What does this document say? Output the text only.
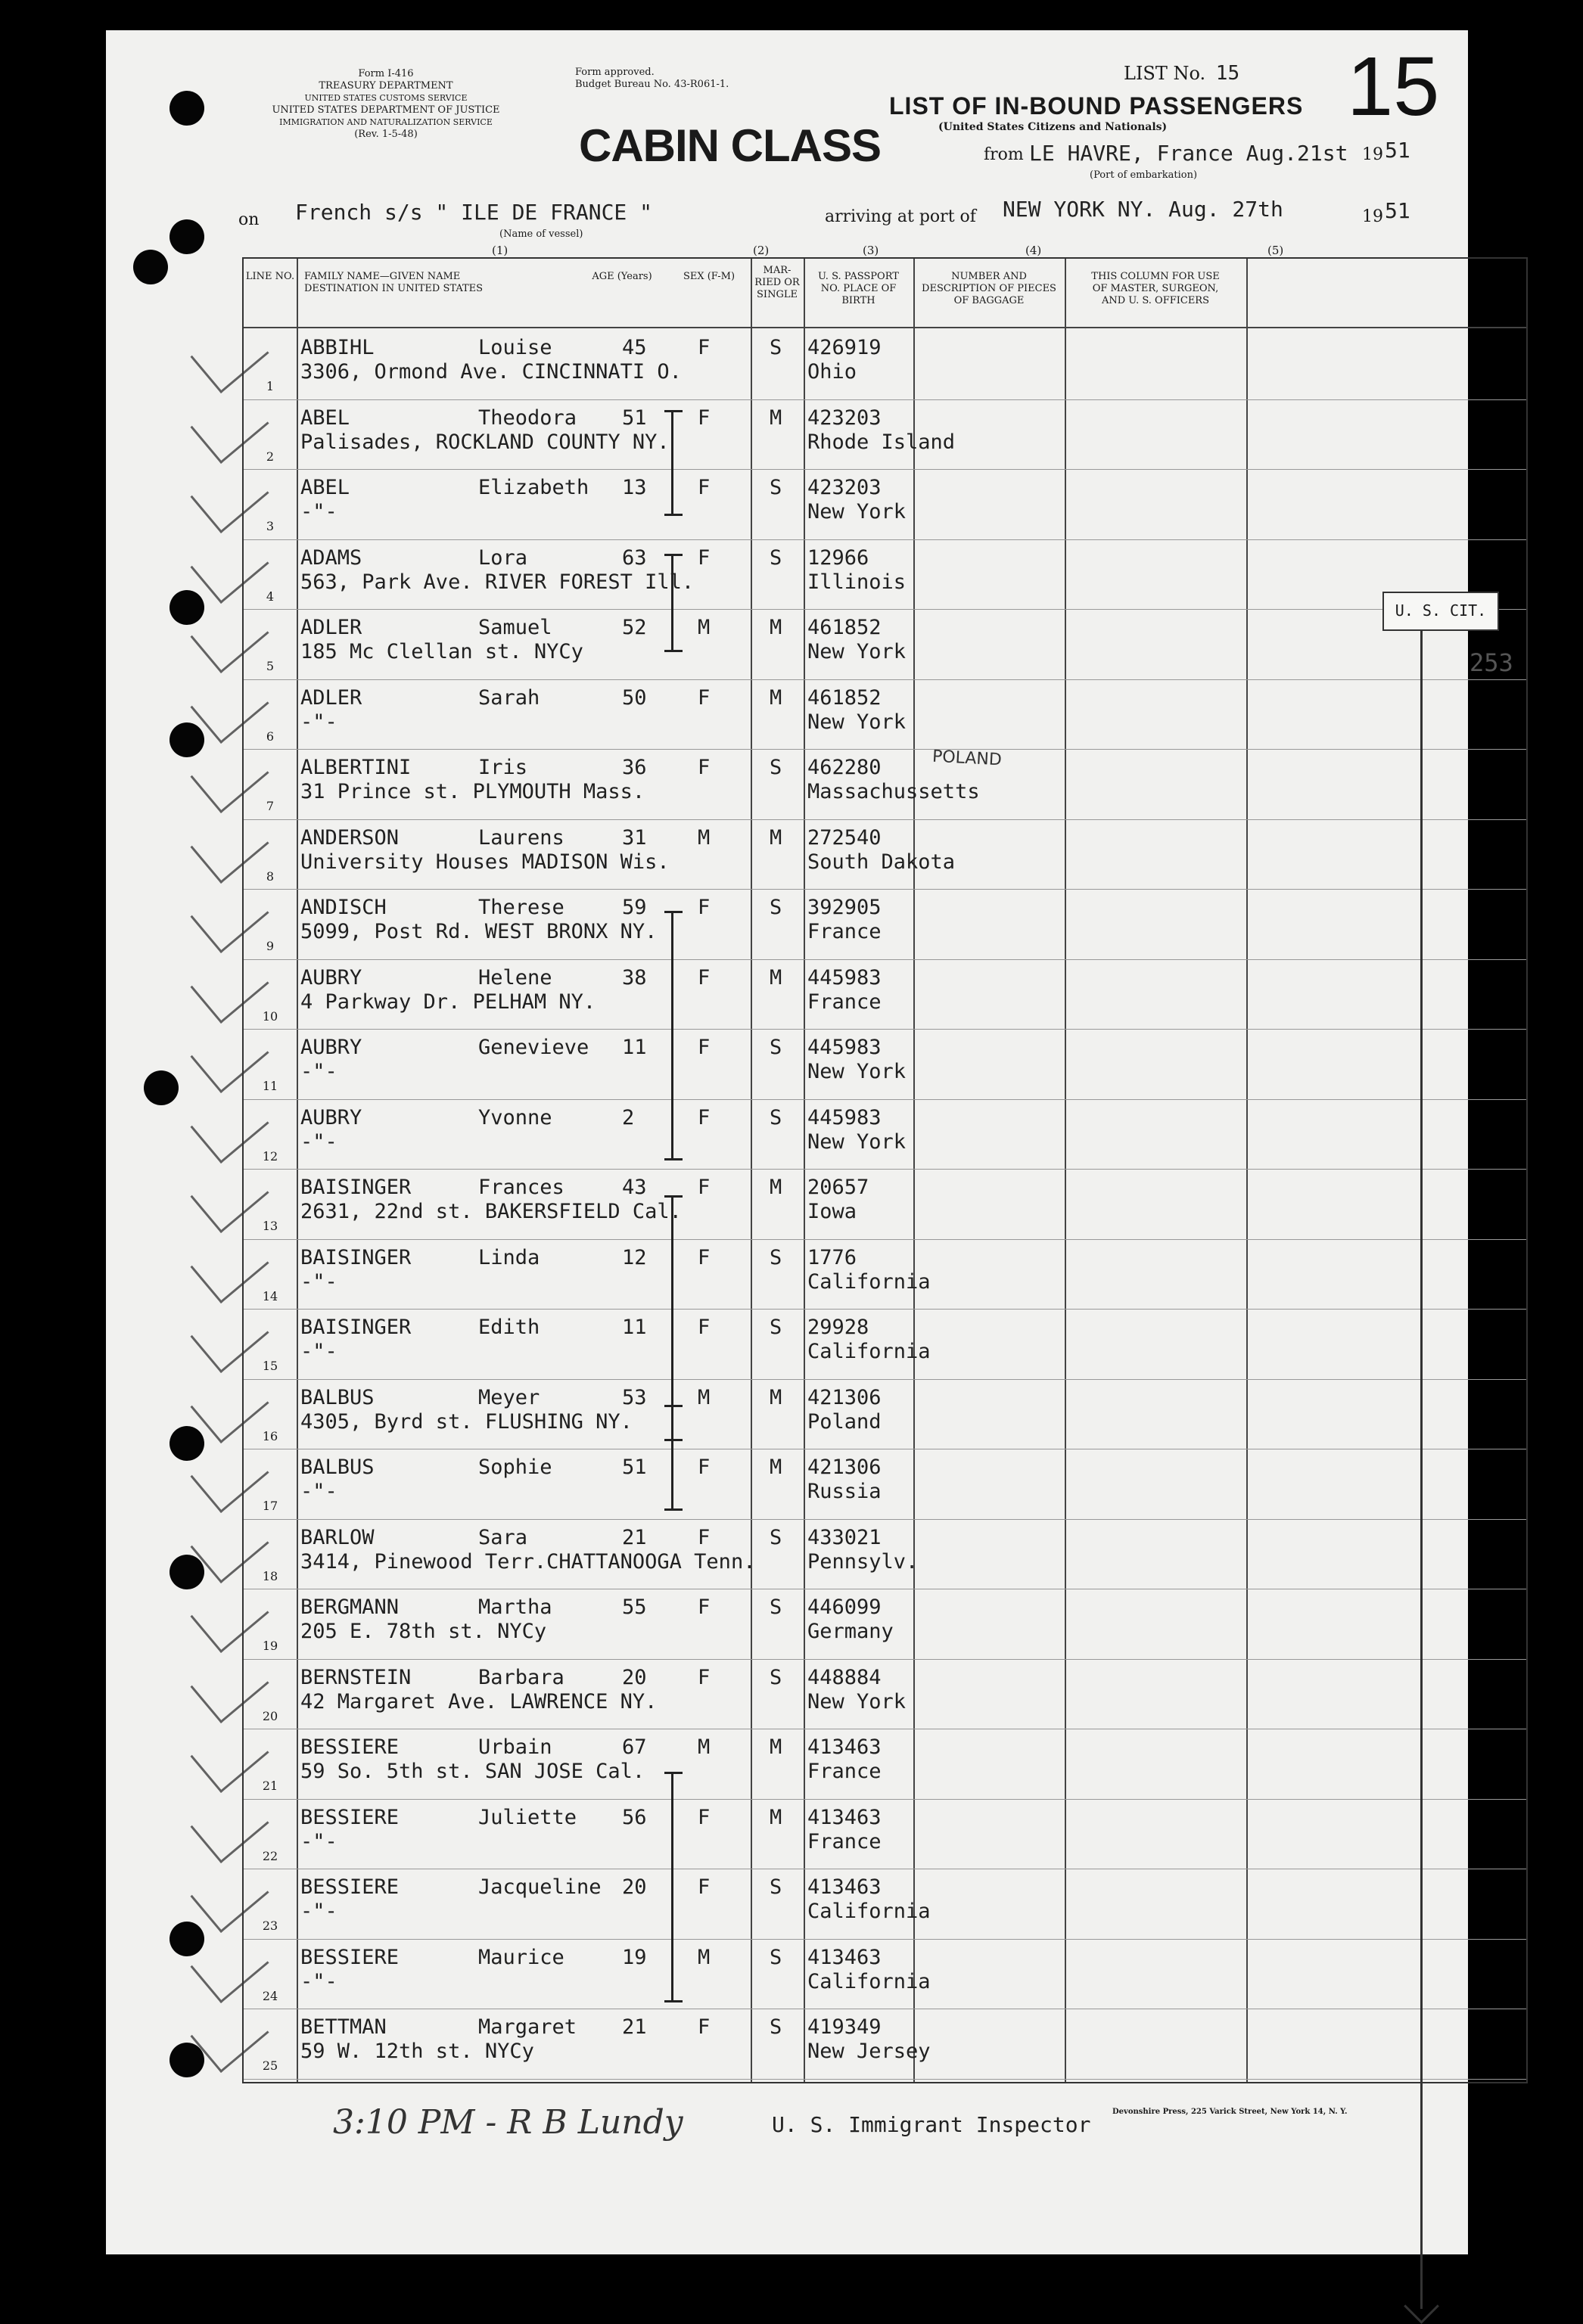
Form I-416
TREASURY DEPARTMENT
UNITED STATES CUSTOMS SERVICE
UNITED STATES DEPARTMENT OF JUSTICE
IMMIGRATION AND NATURALIZATION SERVICE
(Rev. 1-5-48)
Form approved.
Budget Bureau No. 43-R061-1.
LIST No. 15 15
LIST OF IN-BOUND PASSENGERS
(United States Citizens and Nationals)
CABIN CLASS	from LE HAVRE, France Aug.21st
(Port of embarkation)
19 51
on French s/s " ILE DE FRANCE "
(Name of vessel)
arriving at port of NEW YORK NY. Aug. 27th	19 51
(1)	(2)	(3)	(4)	(5)
LINE NO. FAMILY NAME—GIVEN NAME DESTINATION IN UNITED STATES
AGE (Years)	SEX (F-M)
MAR- RIED OR SINGLE
U. S. PASSPORT NO. PLACE OF BIRTH
NUMBER AND DESCRIPTION OF PIECES OF BAGGAGE
THIS COLUMN FOR USE OF MASTER, SURGEON, AND U. S. OFFICERS
1
ABBIHL	Louise	45 F
3306, Ormond Ave. CINCINNATI O.
S 426919
Ohio
2
ABEL	Theodora 51 F
Palisades, ROCKLAND COUNTY NY.
M 423203
Rhode Island
3
ABEL	Elizabeth 13 F
-"-
S 423203
New York
4
ADAMS	Lora	63 F
563, Park Ave. RIVER FOREST Ill.
S 12966
Illinois
5
ADLER	Samuel	52 M
185 Mc Clellan st. NYCy
M 461852
New York
6
ADLER	Sarah	50 F
-"-
M 461852
New York
7
ALBERTINI	Iris	36 F
31 Prince st. PLYMOUTH Mass.
S 462280
Massachussetts
8
ANDERSON	Laurens	31 M
University Houses MADISON Wis.
M 272540
South Dakota
9
ANDISCH	Therese	59 F
5099, Post Rd. WEST BRONX NY.
S 392905
France
10
AUBRY	Helene	38 F
4 Parkway Dr. PELHAM NY.
M 445983
France
11
AUBRY	Genevieve 11 F
-"-
S 445983
New York
12
AUBRY	Yvonne	2	F
-"-
S 445983
New York
13
BAISINGER	Frances	43 F
2631, 22nd st. BAKERSFIELD Cal.
M 20657
Iowa
14
BAISINGER	Linda	12 F
-"-
S 1776
California
15
BAISINGER	Edith	11 F
-"-
S 29928
California
16
BALBUS	Meyer	53 M
4305, Byrd st. FLUSHING NY.
M 421306
Poland
17
BALBUS	Sophie	51 F
-"-
M 421306
Russia
18
BARLOW	Sara	21 F
3414, Pinewood Terr.CHATTANOOGA Tenn.
S 433021
Pennsylv.
19
BERGMANN	Martha	55 F
205 E. 78th st. NYCy
S 446099
Germany
20
BERNSTEIN	Barbara	20 F
42 Margaret Ave. LAWRENCE NY.
S 448884
New York
21
BESSIERE	Urbain	67 M
59 So. 5th st. SAN JOSE Cal.
M 413463
France
22
BESSIERE	Juliette 56 F
-"-
M 413463
France
23
BESSIERE	Jacqueline 20 F
-"-
S 413463
California
24
BESSIERE	Maurice	19 M
-"-
S 413463
California
25
BETTMAN	Margaret 21 F
59 W. 12th st. NYCy
S 419349
New Jersey
U. S. CIT.
253
POLAND
3:10 PM - R B Lundy	U. S. Immigrant Inspector
Devonshire Press, 225 Varick Street, New York 14, N. Y.
